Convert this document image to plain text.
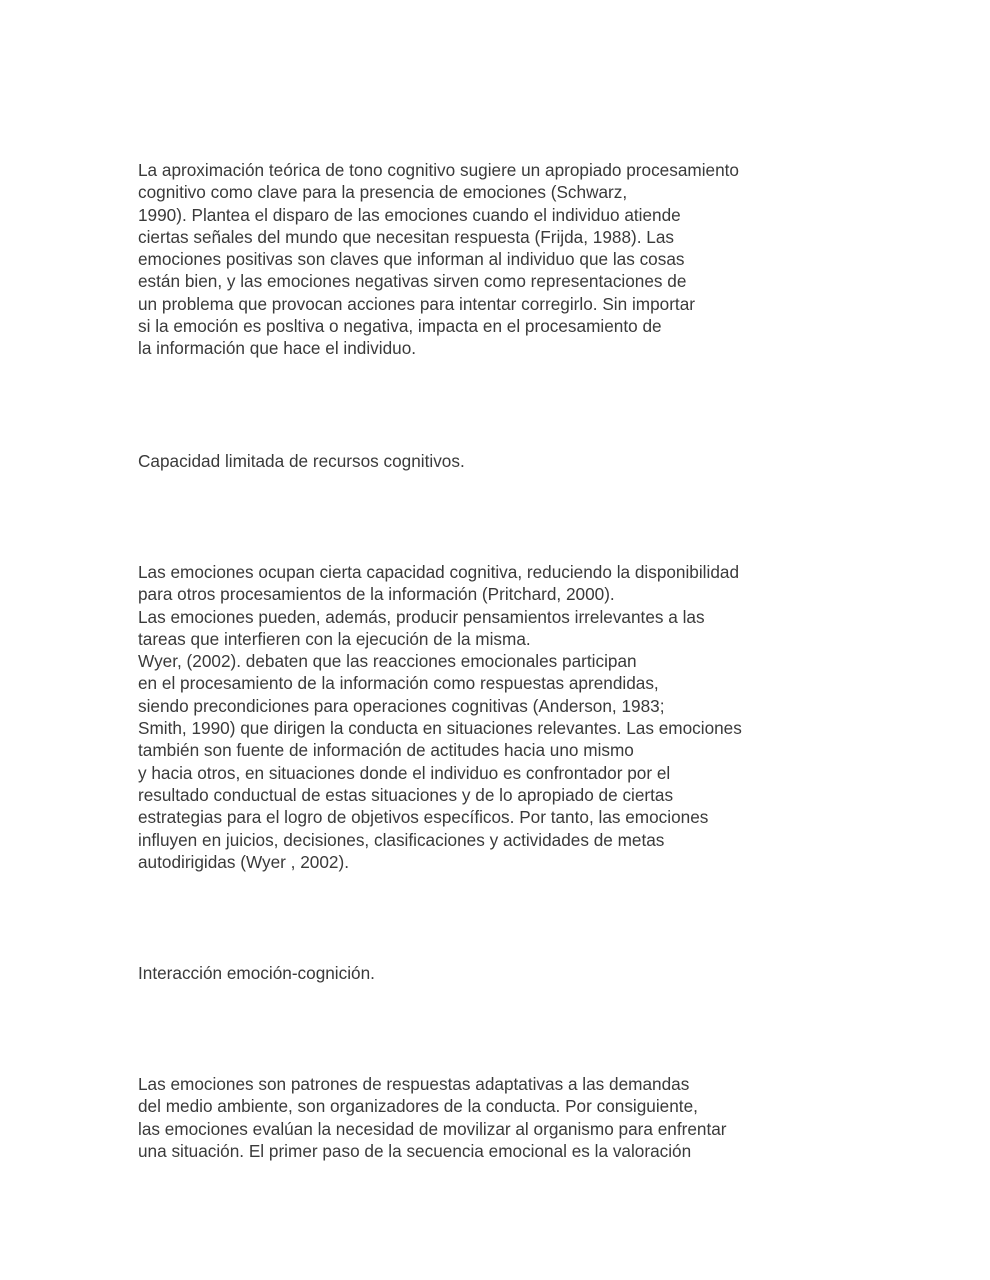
La aproximación teórica de tono cognitivo sugiere un apropiado procesamiento
cognitivo como clave para la presencia de emociones (Schwarz,
1990). Plantea el disparo de las emociones cuando el individuo atiende
ciertas señales del mundo que necesitan respuesta (Frijda, 1988). Las
emociones positivas son claves que informan al individuo que las cosas
están bien, y las emociones negativas sirven como representaciones de
un problema que provocan acciones para intentar corregirlo. Sin importar
si la emoción es posltiva o negativa, impacta en el procesamiento de
la información que hace el individuo.
Capacidad limitada de recursos cognitivos.
Las emociones ocupan cierta capacidad cognitiva, reduciendo la disponibilidad
para otros procesamientos de la información (Pritchard, 2000).
Las emociones pueden, además, producir pensamientos irrelevantes a las
tareas que interfieren con la ejecución de la misma.
Wyer, (2002). debaten que las reacciones emocionales participan
en el procesamiento de la información como respuestas aprendidas,
siendo precondiciones para operaciones cognitivas (Anderson, 1983;
Smith, 1990) que dirigen la conducta en situaciones relevantes. Las emociones
también son fuente de información de actitudes hacia uno mismo
y hacia otros, en situaciones donde el individuo es confrontador por el
resultado conductual de estas situaciones y de lo apropiado de ciertas
estrategias para el logro de objetivos específicos. Por tanto, las emociones
influyen en juicios, decisiones, clasificaciones y actividades de metas
autodirigidas (Wyer , 2002).
Interacción emoción-cognición.
Las emociones son patrones de respuestas adaptativas a las demandas
del medio ambiente, son organizadores de la conducta. Por consiguiente,
las emociones evalúan la necesidad de movilizar al organismo para enfrentar
una situación. El primer paso de la secuencia emocional es la valoración
